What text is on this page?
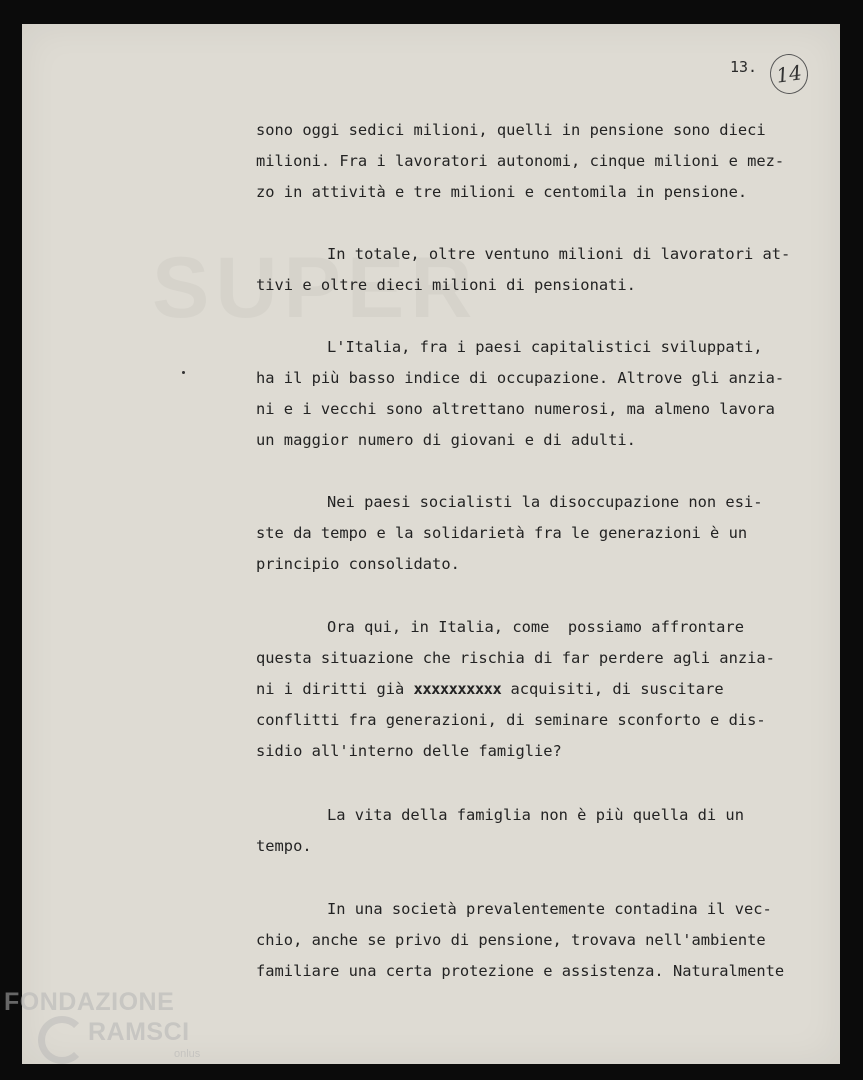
13. 14
sono oggi sedici milioni, quelli in pensione sono dieci
milioni. Fra i lavoratori autonomi, cinque milioni e mez-
zo in attività e tre milioni e centomila in pensione.
In totale, oltre ventuno milioni di lavoratori at-
tivi e oltre dieci milioni di pensionati.
L'Italia, fra i paesi capitalistici sviluppati,
ha il più basso indice di occupazione. Altrove gli anzia-
ni e i vecchi sono altrettano numerosi, ma almeno lavora
un maggior numero di giovani e di adulti.
Nei paesi socialisti la disoccupazione non esi-
ste da tempo e la solidarietà fra le generazioni è un
principio consolidato.
Ora qui, in Italia, come  possiamo affrontare
questa situazione che rischia di far perdere agli anzia-
ni i diritti già xxxxxxxxxx acquisiti, di suscitare
conflitti fra generazioni, di seminare sconforto e dis-
sidio all'interno delle famiglie?
La vita della famiglia non è più quella di un
tempo.
In una società prevalentemente contadina il vec-
chio, anche se privo di pensione, trovava nell'ambiente
familiare una certa protezione e assistenza. Naturalmente
FONDAZIONE
RAMSCI
onlus
